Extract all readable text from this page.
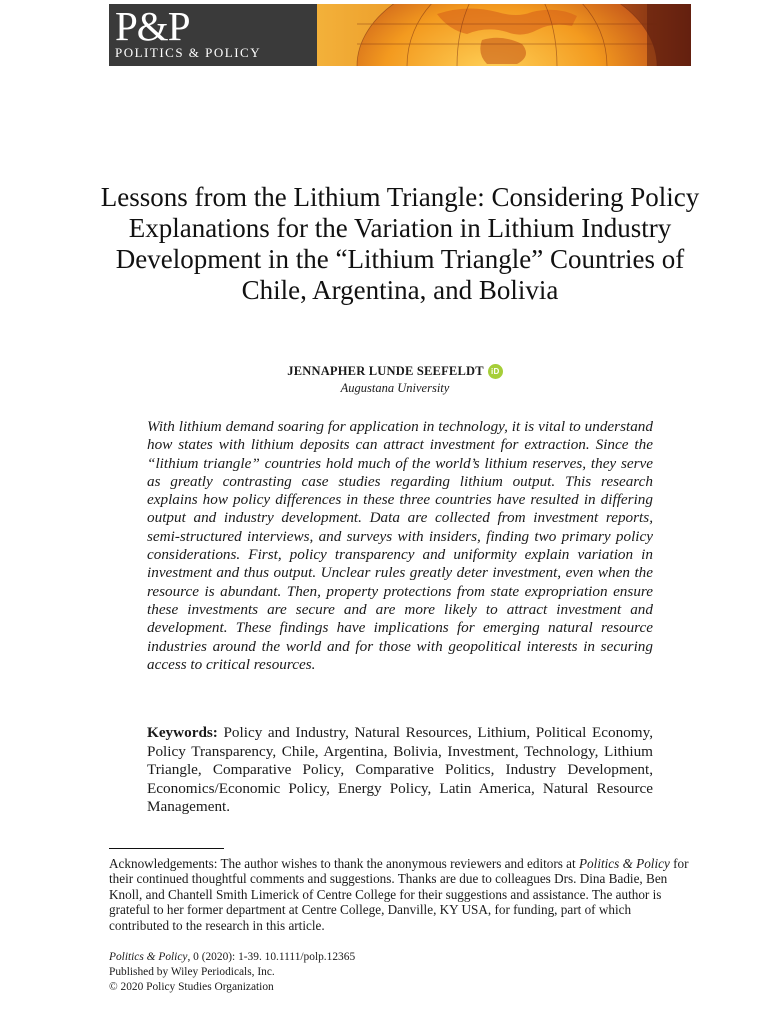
P&P
POLITICS & POLICY
Lessons from the Lithium Triangle: Considering Policy Explanations for the Variation in Lithium Industry Development in the “Lithium Triangle” Countries of Chile, Argentina, and Bolivia
JENNAPHER LUNDE SEEFELDT iD
Augustana University

With lithium demand soaring for application in technology, it is vital to understand how states with lithium deposits can attract investment for extraction. Since the “lithium triangle” countries hold much of the world’s lithium reserves, they serve as greatly contrasting case studies regarding lithium output. This research explains how policy differences in these three countries have resulted in differing output and industry development. Data are collected from investment reports, semi-structured interviews, and surveys with insiders, finding two primary policy considerations. First, policy transparency and uniformity explain variation in investment and thus output. Unclear rules greatly deter investment, even when the resource is abundant. Then, property protections from state expropriation ensure these investments are secure and are more likely to attract investment and development. These findings have implications for emerging natural resource industries around the world and for those with geopolitical interests in securing access to critical resources.

Keywords: Policy and Industry, Natural Resources, Lithium, Political Economy, Policy Transparency, Chile, Argentina, Bolivia, Investment, Technology, Lithium Triangle, Comparative Policy, Comparative Politics, Industry Development, Economics/Economic Policy, Energy Policy, Latin America, Natural Resource Management.

Acknowledgements: The author wishes to thank the anonymous reviewers and editors at Politics & Policy for their continued thoughtful comments and suggestions. Thanks are due to colleagues Drs. Dina Badie, Ben Knoll, and Chantell Smith Limerick of Centre College for their suggestions and assistance. The author is grateful to her former department at Centre College, Danville, KY USA, for funding, part of which contributed to the research in this article.

Politics & Policy, 0 (2020): 1-39. 10.1111/polp.12365
Published by Wiley Periodicals, Inc.
© 2020 Policy Studies Organization
